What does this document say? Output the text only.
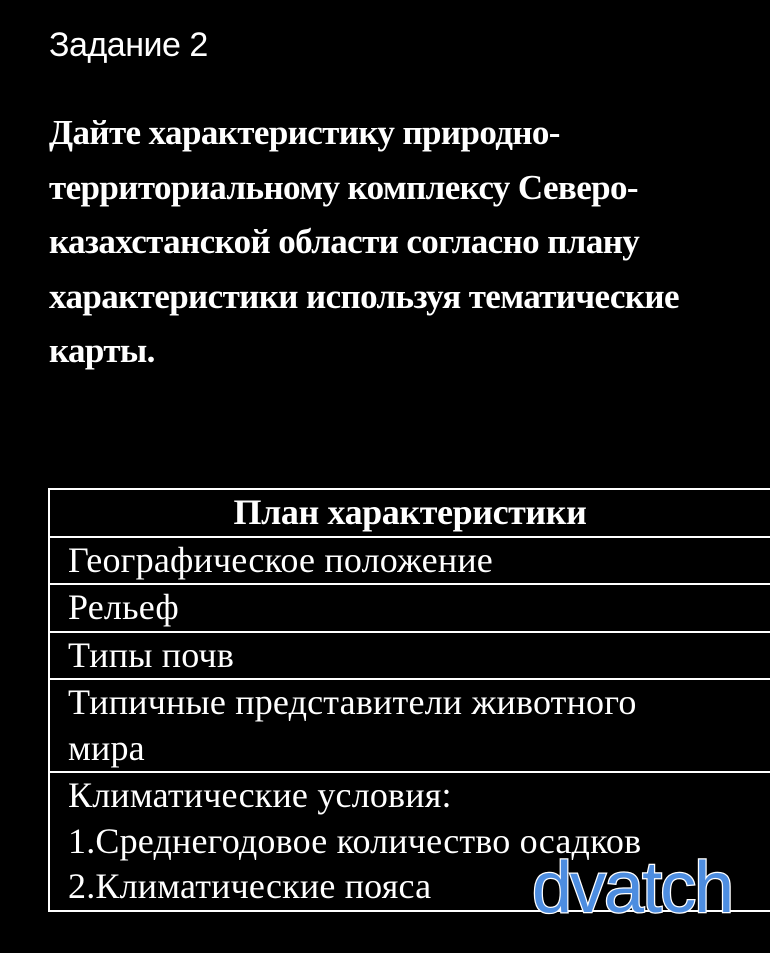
Задание 2
Дайте характеристику природно-
территориальному комплексу Северо-
казахстанской области согласно плану
характеристики используя тематические
карты.
План характеристики

Географическое положение

Рельеф

Типы почв

Типичные представители животного
мира

Климатические условия:
1.Среднегодовое количество осадков
2.Климатические пояса	dvatch
